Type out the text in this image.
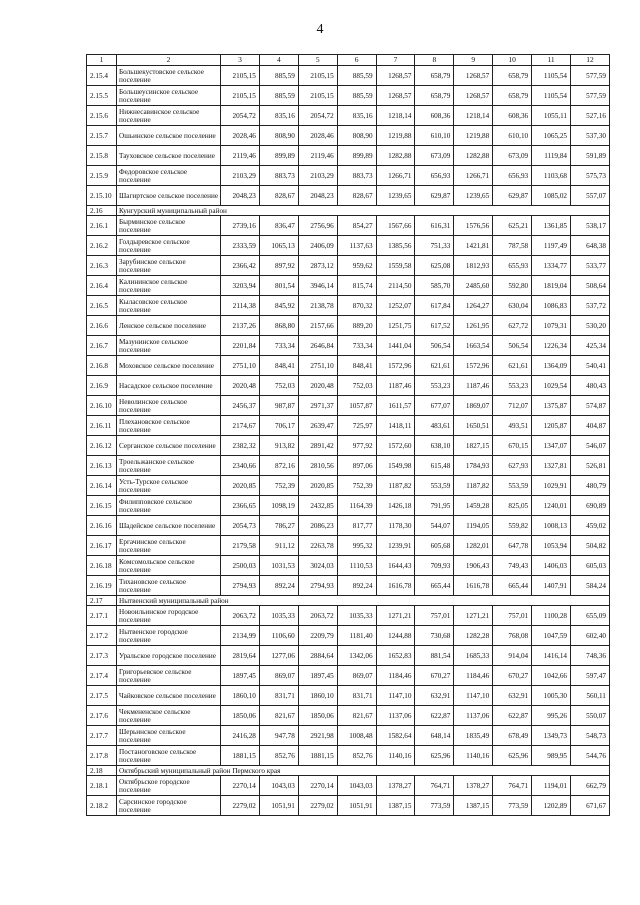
4
1	2	3	4	5	6	7	8	9	10	11	12
2.15.4	Большекустовское сельское поселение	2105,15	885,59	2105,15	885,59	1268,57	658,79	1268,57	658,79	1105,54	577,59
2.15.5	Большеусинское сельское поселение	2105,15	885,59	2105,15	885,59	1268,57	658,79	1268,57	658,79	1105,54	577,59
2.15.6	Нижнесавинское сельское поселение	2054,72	835,16	2054,72	835,16	1218,14	608,36	1218,14	608,36	1055,11	527,16
2.15.7	Ошьинское сельское поселение	2028,46	808,90	2028,46	808,90	1219,88	610,10	1219,88	610,10	1065,25	537,30
2.15.8	Тауховское сельское поселение	2119,46	899,89	2119,46	899,89	1282,88	673,09	1282,88	673,09	1119,84	591,89
2.15.9	Федоровское сельское поселение	2103,29	883,73	2103,29	883,73	1266,71	656,93	1266,71	656,93	1103,68	575,73
2.15.10	Шагиртское сельское поселение	2048,23	828,67	2048,23	828,67	1239,65	629,87	1239,65	629,87	1085,02	557,07
2.16	Кунгурский муниципальный район										
2.16.1	Бырминское сельское поселение	2739,16	836,47	2756,96	854,27	1567,66	616,31	1576,56	625,21	1361,85	538,17
2.16.2	Голдыревское сельское поселение	2333,59	1065,13	2406,09	1137,63	1385,56	751,33	1421,81	787,58	1197,49	648,38
2.16.3	Зарубинское сельское поселение	2366,42	897,92	2873,12	959,62	1559,58	625,08	1812,93	655,93	1334,77	533,77
2.16.4	Калининское сельское поселение	3203,94	801,54	3946,14	815,74	2114,50	585,70	2485,60	592,80	1819,04	508,64
2.16.5	Кыласовское сельское поселение	2114,38	845,92	2138,78	870,32	1252,07	617,84	1264,27	630,04	1086,83	537,72
2.16.6	Ленское сельское поселение	2137,26	868,80	2157,66	889,20	1251,75	617,52	1261,95	627,72	1079,31	530,20
2.16.7	Мазунинское сельское поселение	2201,84	733,34	2646,84	733,34	1441,04	506,54	1663,54	506,54	1226,34	425,34
2.16.8	Моховское сельское поселение	2751,10	848,41	2751,10	848,41	1572,96	621,61	1572,96	621,61	1364,09	540,41
2.16.9	Насадское сельское поселение	2020,48	752,03	2020,48	752,03	1187,46	553,23	1187,46	553,23	1029,54	480,43
2.16.10	Неволинское сельское поселение	2456,37	987,87	2971,37	1057,87	1611,57	677,07	1869,07	712,07	1375,87	574,87
2.16.11	Плехановское сельское поселение	2174,67	706,17	2639,47	725,97	1418,11	483,61	1650,51	493,51	1205,87	404,87
2.16.12	Серганское сельское поселение	2382,32	913,82	2891,42	977,92	1572,60	638,10	1827,15	670,15	1347,07	546,07
2.16.13	Троельжанское сельское поселение	2340,66	872,16	2810,56	897,06	1549,98	615,48	1784,93	627,93	1327,81	526,81
2.16.14	Усть-Турское сельское поселение	2020,85	752,39	2020,85	752,39	1187,82	553,59	1187,82	553,59	1029,91	480,79
2.16.15	Филипповское сельское поселение	2366,65	1098,19	2432,85	1164,39	1426,18	791,95	1459,28	825,05	1240,01	690,89
2.16.16	Шадейское сельское поселение	2054,73	786,27	2086,23	817,77	1178,30	544,07	1194,05	559,82	1008,13	459,02
2.16.17	Ергачинское сельское поселение	2179,58	911,12	2263,78	995,32	1239,91	605,68	1282,01	647,78	1053,94	504,82
2.16.18	Комсомольское сельское поселение	2500,03	1031,53	3024,03	1110,53	1644,43	709,93	1906,43	749,43	1406,03	605,03
2.16.19	Тихановское сельское поселение	2794,93	892,24	2794,93	892,24	1616,78	665,44	1616,78	665,44	1407,91	584,24
2.17	Нытвенский муниципальный район										
2.17.1	Новоильинское городское поселение	2063,72	1035,33	2063,72	1035,33	1271,21	757,01	1271,21	757,01	1100,28	655,09
2.17.2	Нытвенское городское поселение	2134,99	1106,60	2209,79	1181,40	1244,88	730,68	1282,28	768,08	1047,59	602,40
2.17.3	Уральское городское поселение	2819,64	1277,06	2884,64	1342,06	1652,83	881,54	1685,33	914,04	1416,14	748,36
2.17.4	Григорьевское сельское поселение	1897,45	869,07	1897,45	869,07	1184,46	670,27	1184,46	670,27	1042,66	597,47
2.17.5	Чайковское сельское поселение	1860,10	831,71	1860,10	831,71	1147,10	632,91	1147,10	632,91	1005,30	560,11
2.17.6	Чекмененское сельское поселение	1850,06	821,67	1850,06	821,67	1137,06	622,87	1137,06	622,87	995,26	550,07
2.17.7	Шерьинское сельское поселение	2416,28	947,78	2921,98	1008,48	1582,64	648,14	1835,49	678,49	1349,73	548,73
2.17.8	Постаноговское сельское поселение	1881,15	852,76	1881,15	852,76	1140,16	625,96	1140,16	625,96	989,95	544,76
2.18	Октябрьский муниципальный район Пермского края										
2.18.1	Октябрьское городское поселение	2270,14	1043,03	2270,14	1043,03	1378,27	764,71	1378,27	764,71	1194,01	662,79
2.18.2	Сарсинское городское поселение	2279,02	1051,91	2279,02	1051,91	1387,15	773,59	1387,15	773,59	1202,89	671,67
